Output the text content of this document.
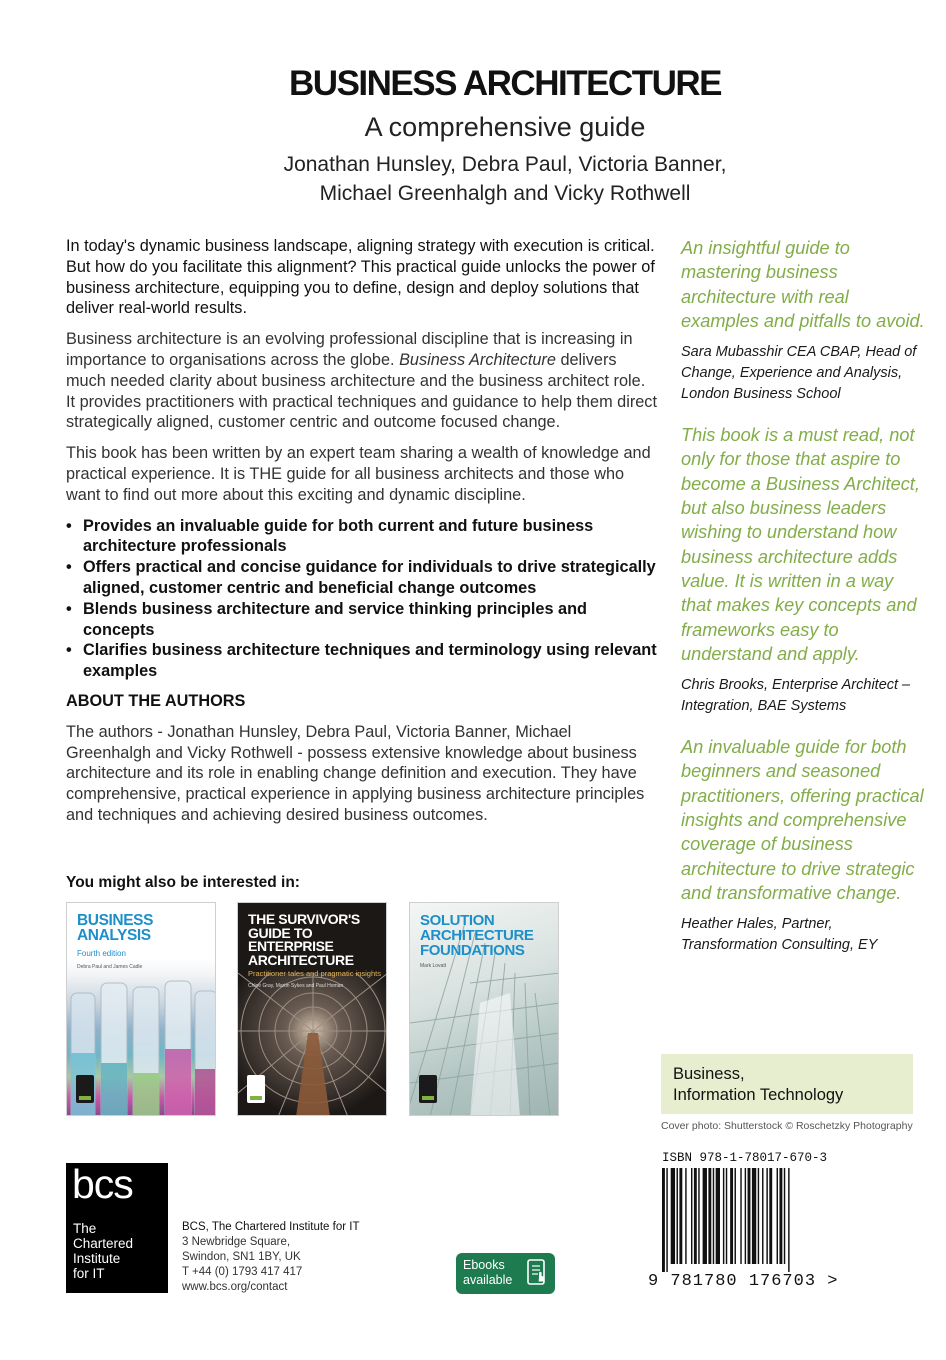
BUSINESS ARCHITECTURE
A comprehensive guide
Jonathan Hunsley, Debra Paul, Victoria Banner,
Michael Greenhalgh and Vicky Rothwell

In today's dynamic business landscape, aligning strategy with execution is critical. But how do you facilitate this alignment? This practical guide unlocks the power of business architecture, equipping you to define, design and deploy solutions that deliver real-world results.

Business architecture is an evolving professional discipline that is increasing in importance to organisations across the globe. Business Architecture delivers much needed clarity about business architecture and the business architect role. It provides practitioners with practical techniques and guidance to help them direct strategically aligned, customer centric and outcome focused change.

This book has been written by an expert team sharing a wealth of knowledge and practical experience. It is THE guide for all business architects and those who want to find out more about this exciting and dynamic discipline.

• Provides an invaluable guide for both current and future business architecture professionals
• Offers practical and concise guidance for individuals to drive strategically aligned, customer centric and beneficial change outcomes
• Blends business architecture and service thinking principles and concepts
• Clarifies business architecture techniques and terminology using relevant examples

ABOUT THE AUTHORS

The authors - Jonathan Hunsley, Debra Paul, Victoria Banner, Michael Greenhalgh and Vicky Rothwell - possess extensive knowledge about business architecture and its role in enabling change definition and execution. They have comprehensive, practical experience in applying business architecture principles and techniques and achieving desired business outcomes.

You might also be interested in:
BUSINESS ANALYSIS
Fourth edition
Debra Paul and James Cadle
THE SURVIVOR'S GUIDE TO ENTERPRISE ARCHITECTURE
Practitioner tales and pragmatic insights
Chloé Gray, Martin Sykes and Paul Homan
SOLUTION ARCHITECTURE FOUNDATIONS
Mark Lovatt

An insightful guide to mastering business architecture with real examples and pitfalls to avoid.

Sara Mubasshir CEA CBAP, Head of Change, Experience and Analysis, London Business School

This book is a must read, not only for those that aspire to become a Business Architect, but also business leaders wishing to understand how business architecture adds value. It is written in a way that makes key concepts and frameworks easy to understand and apply.

Chris Brooks, Enterprise Architect – Integration, BAE Systems

An invaluable guide for both beginners and seasoned practitioners, offering practical insights and comprehensive coverage of business architecture to drive strategic and transformative change.

Heather Hales, Partner, Transformation Consulting, EY

Business,
Information Technology
Cover photo: Shutterstock © Roschetzky Photography
bcs
The
Chartered
Institute
for IT
BCS, The Chartered Institute for IT
3 Newbridge Square,
Swindon, SN1 1BY, UK
T +44 (0) 1793 417 417
www.bcs.org/contact
Ebooks
available
ISBN 978-1-78017-670-3
9 781780 176703 >
